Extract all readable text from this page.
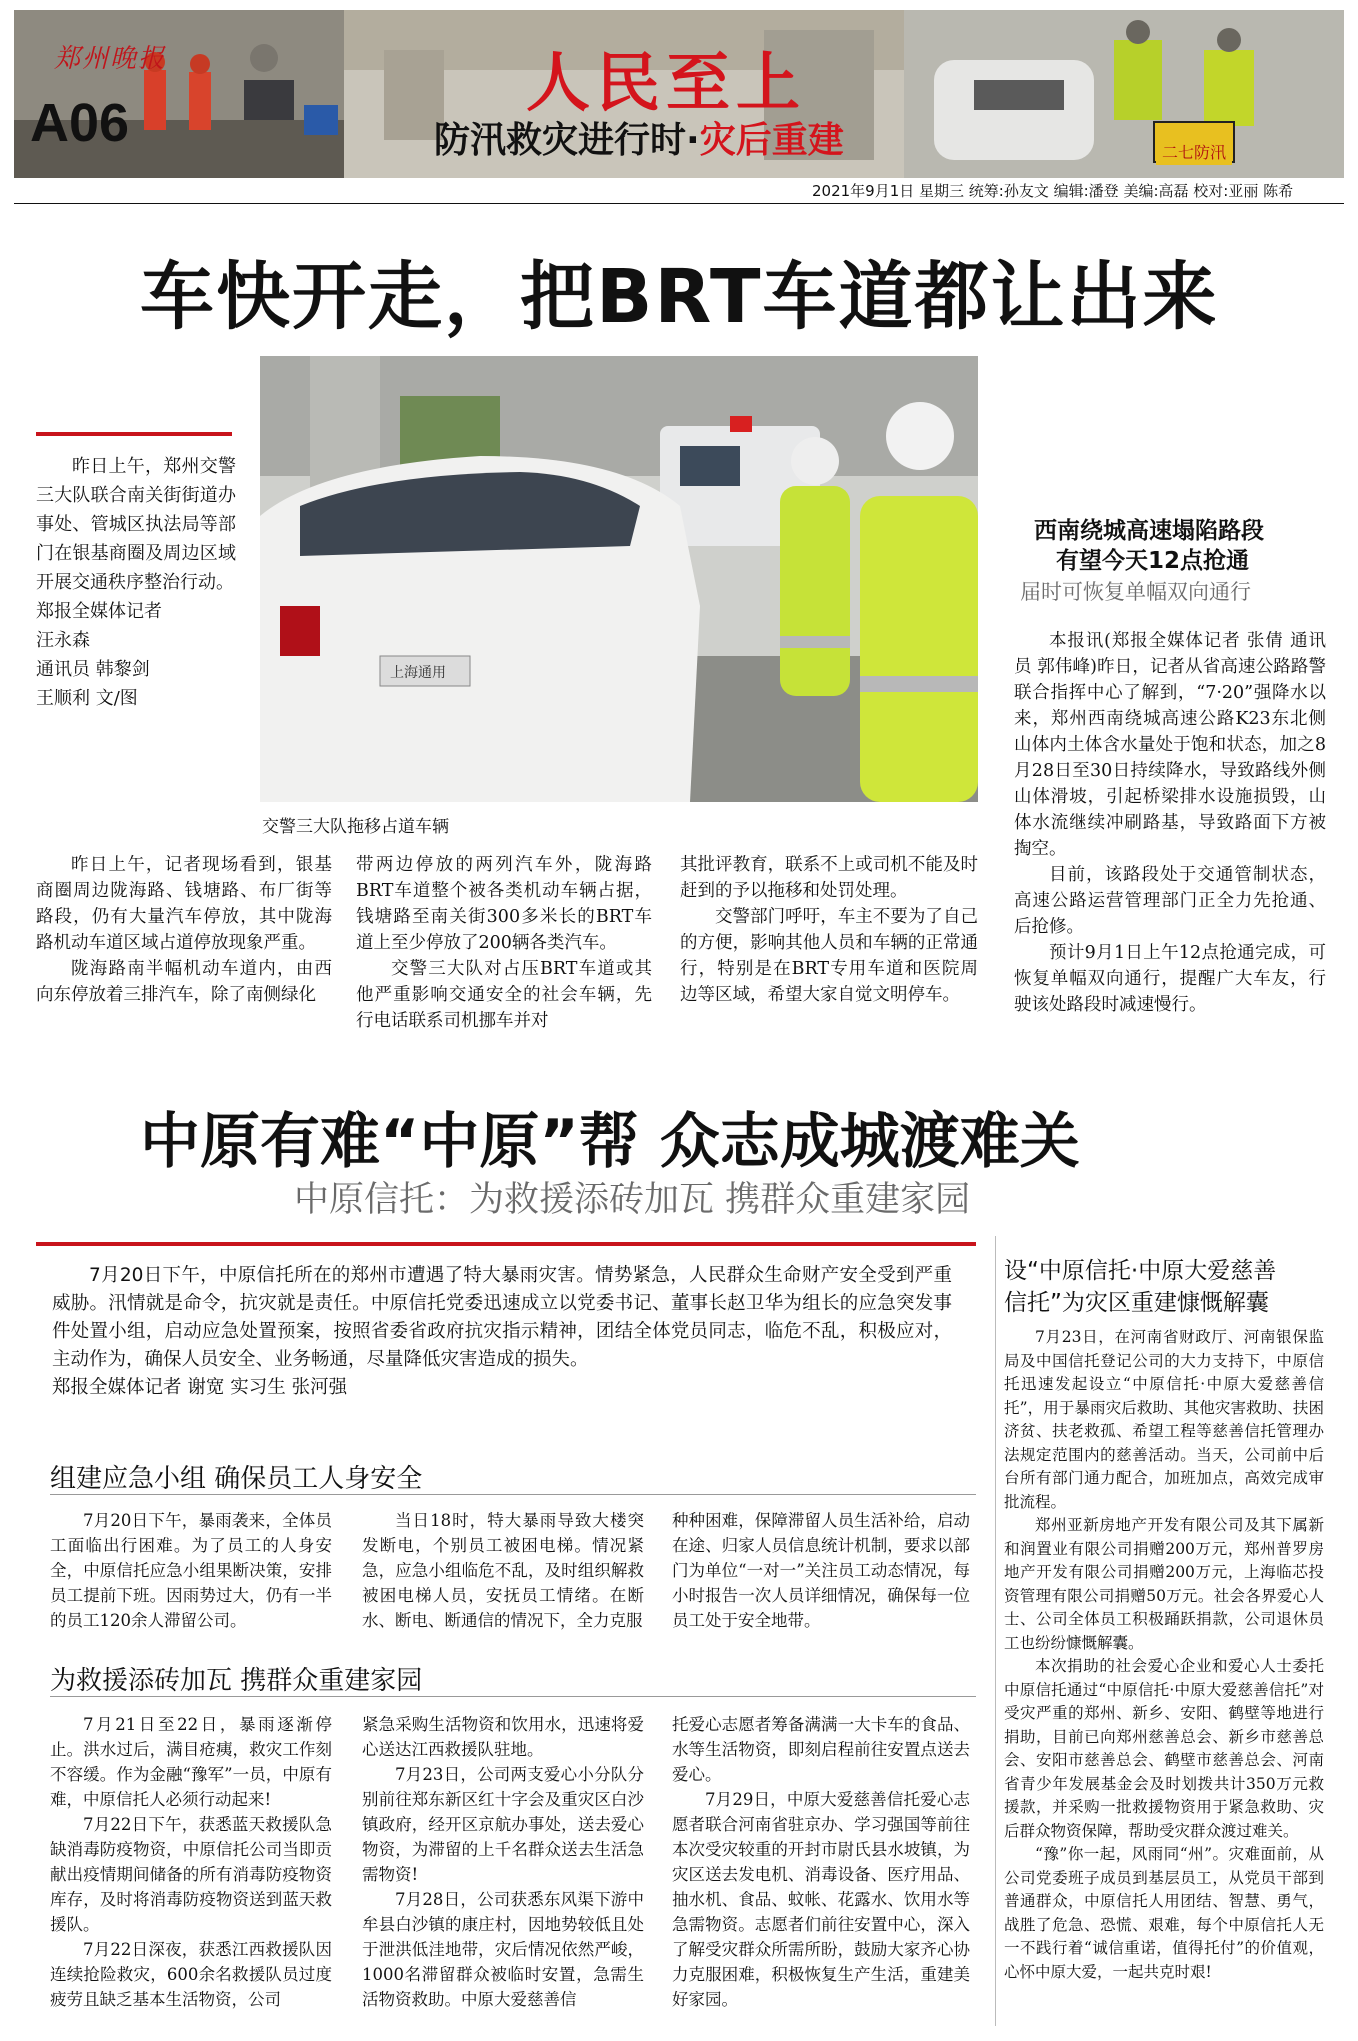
郑州晚报
A06
人民至上
防汛救灾进行时·灾后重建	二七防汛
2021年9月1日 星期三 统筹:孙友文 编辑:潘登 美编:高磊 校对:亚丽 陈希
车快开走，把BRT车道都让出来

昨日上午，郑州交警三大队联合南关街街道办事处、管城区执法局等部门在银基商圈及周边区域开展交通秩序整治行动。

郑报全媒体记者
汪永森
通讯员 韩黎剑
王顺利 文/图
上海通用
交警三大队拖移占道车辆

昨日上午，记者现场看到，银基商圈周边陇海路、钱塘路、布厂街等路段，仍有大量汽车停放，其中陇海路机动车道区域占道停放现象严重。

陇海路南半幅机动车道内，由西向东停放着三排汽车，除了南侧绿化

带两边停放的两列汽车外，陇海路BRT车道整个被各类机动车辆占据，钱塘路至南关街300多米长的BRT车道上至少停放了200辆各类汽车。

交警三大队对占压BRT车道或其他严重影响交通安全的社会车辆，先行电话联系司机挪车并对

其批评教育，联系不上或司机不能及时赶到的予以拖移和处罚处理。

交警部门呼吁，车主不要为了自己的方便，影响其他人员和车辆的正常通行，特别是在BRT专用车道和医院周边等区域，希望大家自觉文明停车。

西南绕城高速塌陷路段
有望今天12点抢通
届时可恢复单幅双向通行

本报讯(郑报全媒体记者 张倩 通讯员 郭伟峰)昨日，记者从省高速公路路警联合指挥中心了解到，“7·20”强降水以来，郑州西南绕城高速公路K23东北侧山体内土体含水量处于饱和状态，加之8月28日至30日持续降水，导致路线外侧山体滑坡，引起桥梁排水设施损毁，山体水流继续冲刷路基，导致路面下方被掏空。

目前，该路段处于交通管制状态，高速公路运营管理部门正全力先抢通、后抢修。

预计9月1日上午12点抢通完成，可恢复单幅双向通行，提醒广大车友，行驶该处路段时减速慢行。

中原有难“中原”帮 众志成城渡难关
中原信托：为救援添砖加瓦 携群众重建家园

7月20日下午，中原信托所在的郑州市遭遇了特大暴雨灾害。情势紧急，人民群众生命财产安全受到严重威胁。汛情就是命令，抗灾就是责任。中原信托党委迅速成立以党委书记、董事长赵卫华为组长的应急突发事件处置小组，启动应急处置预案，按照省委省政府抗灾指示精神，团结全体党员同志，临危不乱，积极应对，主动作为，确保人员安全、业务畅通，尽量降低灾害造成的损失。

郑报全媒体记者 谢宽 实习生 张河强

组建应急小组 确保员工人身安全

7月20日下午，暴雨袭来，全体员工面临出行困难。为了员工的人身安全，中原信托应急小组果断决策，安排员工提前下班。因雨势过大，仍有一半的员工120余人滞留公司。

当日18时，特大暴雨导致大楼突发断电，个别员工被困电梯。情况紧急，应急小组临危不乱，及时组织解救被困电梯人员，安抚员工情绪。在断水、断电、断通信的情况下，全力克服

种种困难，保障滞留人员生活补给，启动在途、归家人员信息统计机制，要求以部门为单位“一对一”关注员工动态情况，每小时报告一次人员详细情况，确保每一位员工处于安全地带。

为救援添砖加瓦 携群众重建家园

7月21日至22日，暴雨逐渐停止。洪水过后，满目疮痍，救灾工作刻不容缓。作为金融“豫军”一员，中原有难，中原信托人必须行动起来!

7月22日下午，获悉蓝天救援队急缺消毒防疫物资，中原信托公司当即贡献出疫情期间储备的所有消毒防疫物资库存，及时将消毒防疫物资送到蓝天救援队。

7月22日深夜，获悉江西救援队因连续抢险救灾，600余名救援队员过度疲劳且缺乏基本生活物资，公司

紧急采购生活物资和饮用水，迅速将爱心送达江西救援队驻地。

7月23日，公司两支爱心小分队分别前往郑东新区红十字会及重灾区白沙镇政府，经开区京航办事处，送去爱心物资，为滞留的上千名群众送去生活急需物资!

7月28日，公司获悉东风渠下游中牟县白沙镇的康庄村，因地势较低且处于泄洪低洼地带，灾后情况依然严峻，1000名滞留群众被临时安置，急需生活物资救助。中原大爱慈善信

托爱心志愿者筹备满满一大卡车的食品、水等生活物资，即刻启程前往安置点送去爱心。

7月29日，中原大爱慈善信托爱心志愿者联合河南省驻京办、学习强国等前往本次受灾较重的开封市尉氏县水坡镇，为灾区送去发电机、消毒设备、医疗用品、抽水机、食品、蚊帐、花露水、饮用水等急需物资。志愿者们前往安置中心，深入了解受灾群众所需所盼，鼓励大家齐心协力克服困难，积极恢复生产生活，重建美好家园。

设“中原信托·中原大爱慈善
信托”为灾区重建慷慨解囊

7月23日，在河南省财政厅、河南银保监局及中国信托登记公司的大力支持下，中原信托迅速发起设立“中原信托·中原大爱慈善信托”，用于暴雨灾后救助、其他灾害救助、扶困济贫、扶老救孤、希望工程等慈善信托管理办法规定范围内的慈善活动。当天，公司前中后台所有部门通力配合，加班加点，高效完成审批流程。

郑州亚新房地产开发有限公司及其下属新和润置业有限公司捐赠200万元，郑州普罗房地产开发有限公司捐赠200万元，上海临芯投资管理有限公司捐赠50万元。社会各界爱心人士、公司全体员工积极踊跃捐款，公司退休员工也纷纷慷慨解囊。

本次捐助的社会爱心企业和爱心人士委托中原信托通过“中原信托·中原大爱慈善信托”对受灾严重的郑州、新乡、安阳、鹤壁等地进行捐助，目前已向郑州慈善总会、新乡市慈善总会、安阳市慈善总会、鹤壁市慈善总会、河南省青少年发展基金会及时划拨共计350万元救援款，并采购一批救援物资用于紧急救助、灾后群众物资保障，帮助受灾群众渡过难关。

“豫”你一起，风雨同“州”。灾难面前，从公司党委班子成员到基层员工，从党员干部到普通群众，中原信托人用团结、智慧、勇气，战胜了危急、恐慌、艰难，每个中原信托人无一不践行着“诚信重诺，值得托付”的价值观，心怀中原大爱，一起共克时艰!
